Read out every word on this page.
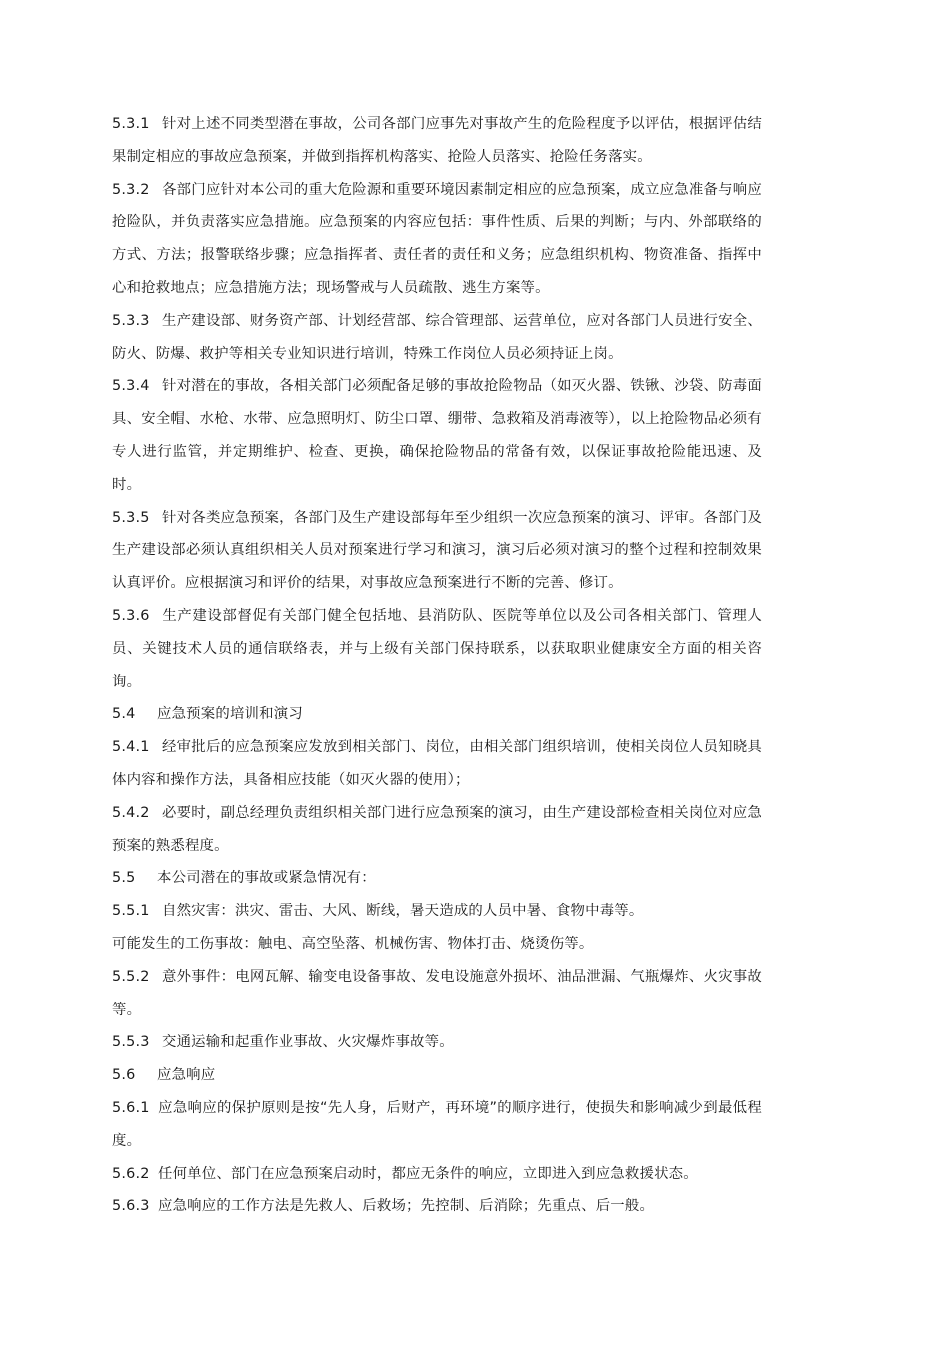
5.3.1 针对上述不同类型潜在事故，公司各部门应事先对事故产生的危险程度予以评估，根据评估结果制定相应的事故应急预案，并做到指挥机构落实、抢险人员落实、抢险任务落实。

5.3.2 各部门应针对本公司的重大危险源和重要环境因素制定相应的应急预案，成立应急准备与响应抢险队，并负责落实应急措施。应急预案的内容应包括：事件性质、后果的判断；与内、外部联络的方式、方法；报警联络步骤；应急指挥者、责任者的责任和义务；应急组织机构、物资准备、指挥中心和抢救地点；应急措施方法；现场警戒与人员疏散、逃生方案等。

5.3.3 生产建设部、财务资产部、计划经营部、综合管理部、运营单位，应对各部门人员进行安全、防火、防爆、救护等相关专业知识进行培训，特殊工作岗位人员必须持证上岗。

5.3.4 针对潜在的事故，各相关部门必须配备足够的事故抢险物品（如灭火器、铁锹、沙袋、防毒面具、安全帽、水枪、水带、应急照明灯、防尘口罩、绷带、急救箱及消毒液等），以上抢险物品必须有专人进行监管，并定期维护、检查、更换，确保抢险物品的常备有效，以保证事故抢险能迅速、及时。

5.3.5 针对各类应急预案，各部门及生产建设部每年至少组织一次应急预案的演习、评审。各部门及生产建设部必须认真组织相关人员对预案进行学习和演习，演习后必须对演习的整个过程和控制效果认真评价。应根据演习和评价的结果，对事故应急预案进行不断的完善、修订。

5.3.6 生产建设部督促有关部门健全包括地、县消防队、医院等单位以及公司各相关部门、管理人员、关键技术人员的通信联络表，并与上级有关部门保持联系，以获取职业健康安全方面的相关咨询。

5.4 应急预案的培训和演习

5.4.1 经审批后的应急预案应发放到相关部门、岗位，由相关部门组织培训，使相关岗位人员知晓具体内容和操作方法，具备相应技能（如灭火器的使用）；

5.4.2 必要时，副总经理负责组织相关部门进行应急预案的演习，由生产建设部检查相关岗位对应急预案的熟悉程度。

5.5 本公司潜在的事故或紧急情况有：

5.5.1 自然灾害：洪灾、雷击、大风、断线，暑天造成的人员中暑、食物中毒等。

可能发生的工伤事故：触电、高空坠落、机械伤害、物体打击、烧烫伤等。

5.5.2 意外事件：电网瓦解、输变电设备事故、发电设施意外损坏、油品泄漏、气瓶爆炸、火灾事故等。

5.5.3 交通运输和起重作业事故、火灾爆炸事故等。

5.6 应急响应

5.6.1 应急响应的保护原则是按“先人身，后财产，再环境”的顺序进行，使损失和影响减少到最低程度。

5.6.2 任何单位、部门在应急预案启动时，都应无条件的响应，立即进入到应急救援状态。

5.6.3 应急响应的工作方法是先救人、后救场；先控制、后消除；先重点、后一般。
